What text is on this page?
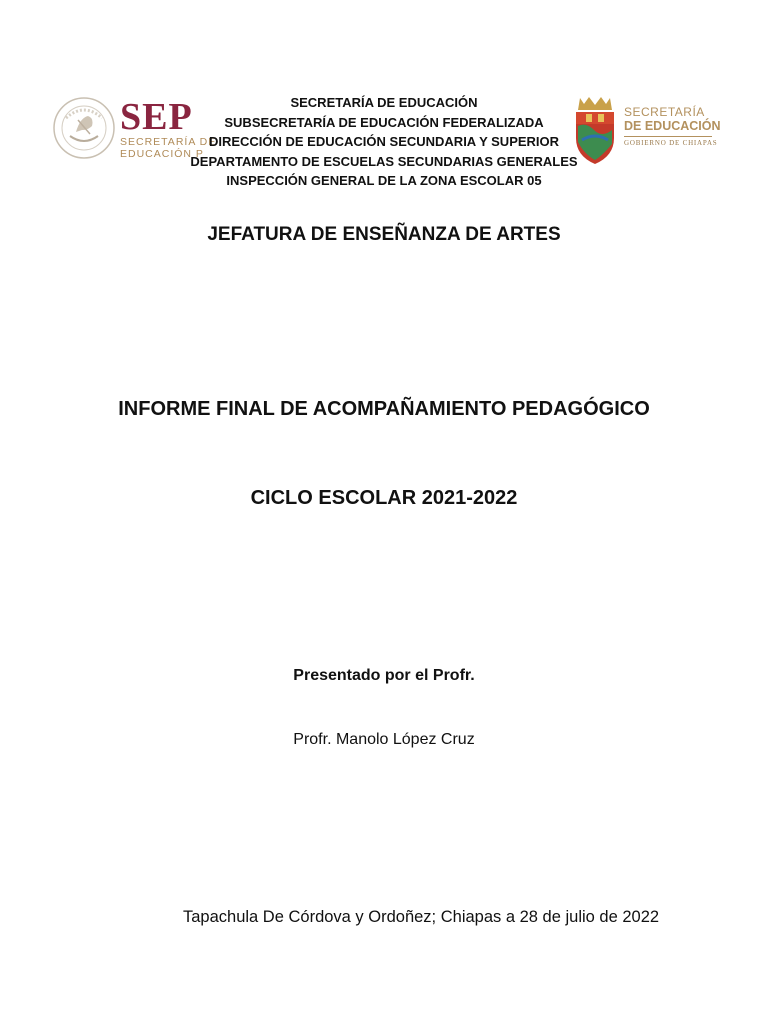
SEP

SECRETARÍA DE

EDUCACIÓN P

SECRETARÍA DE EDUCACIÓN
SUBSECRETARÍA DE EDUCACIÓN FEDERALIZADA
DIRECCIÓN DE EDUCACIÓN SECUNDARIA Y SUPERIOR
DEPARTAMENTO DE ESCUELAS SECUNDARIAS GENERALES
INSPECCIÓN GENERAL DE LA ZONA ESCOLAR 05

SECRETARÍA

DE EDUCACIÓN

GOBIERNO DE CHIAPAS

JEFATURA DE ENSEÑANZA DE ARTES
INFORME FINAL DE ACOMPAÑAMIENTO PEDAGÓGICO
CICLO ESCOLAR 2021-2022
Presentado por el Profr.
Profr. Manolo López Cruz
Tapachula De Córdova y Ordoñez; Chiapas a 28 de julio de 2022
